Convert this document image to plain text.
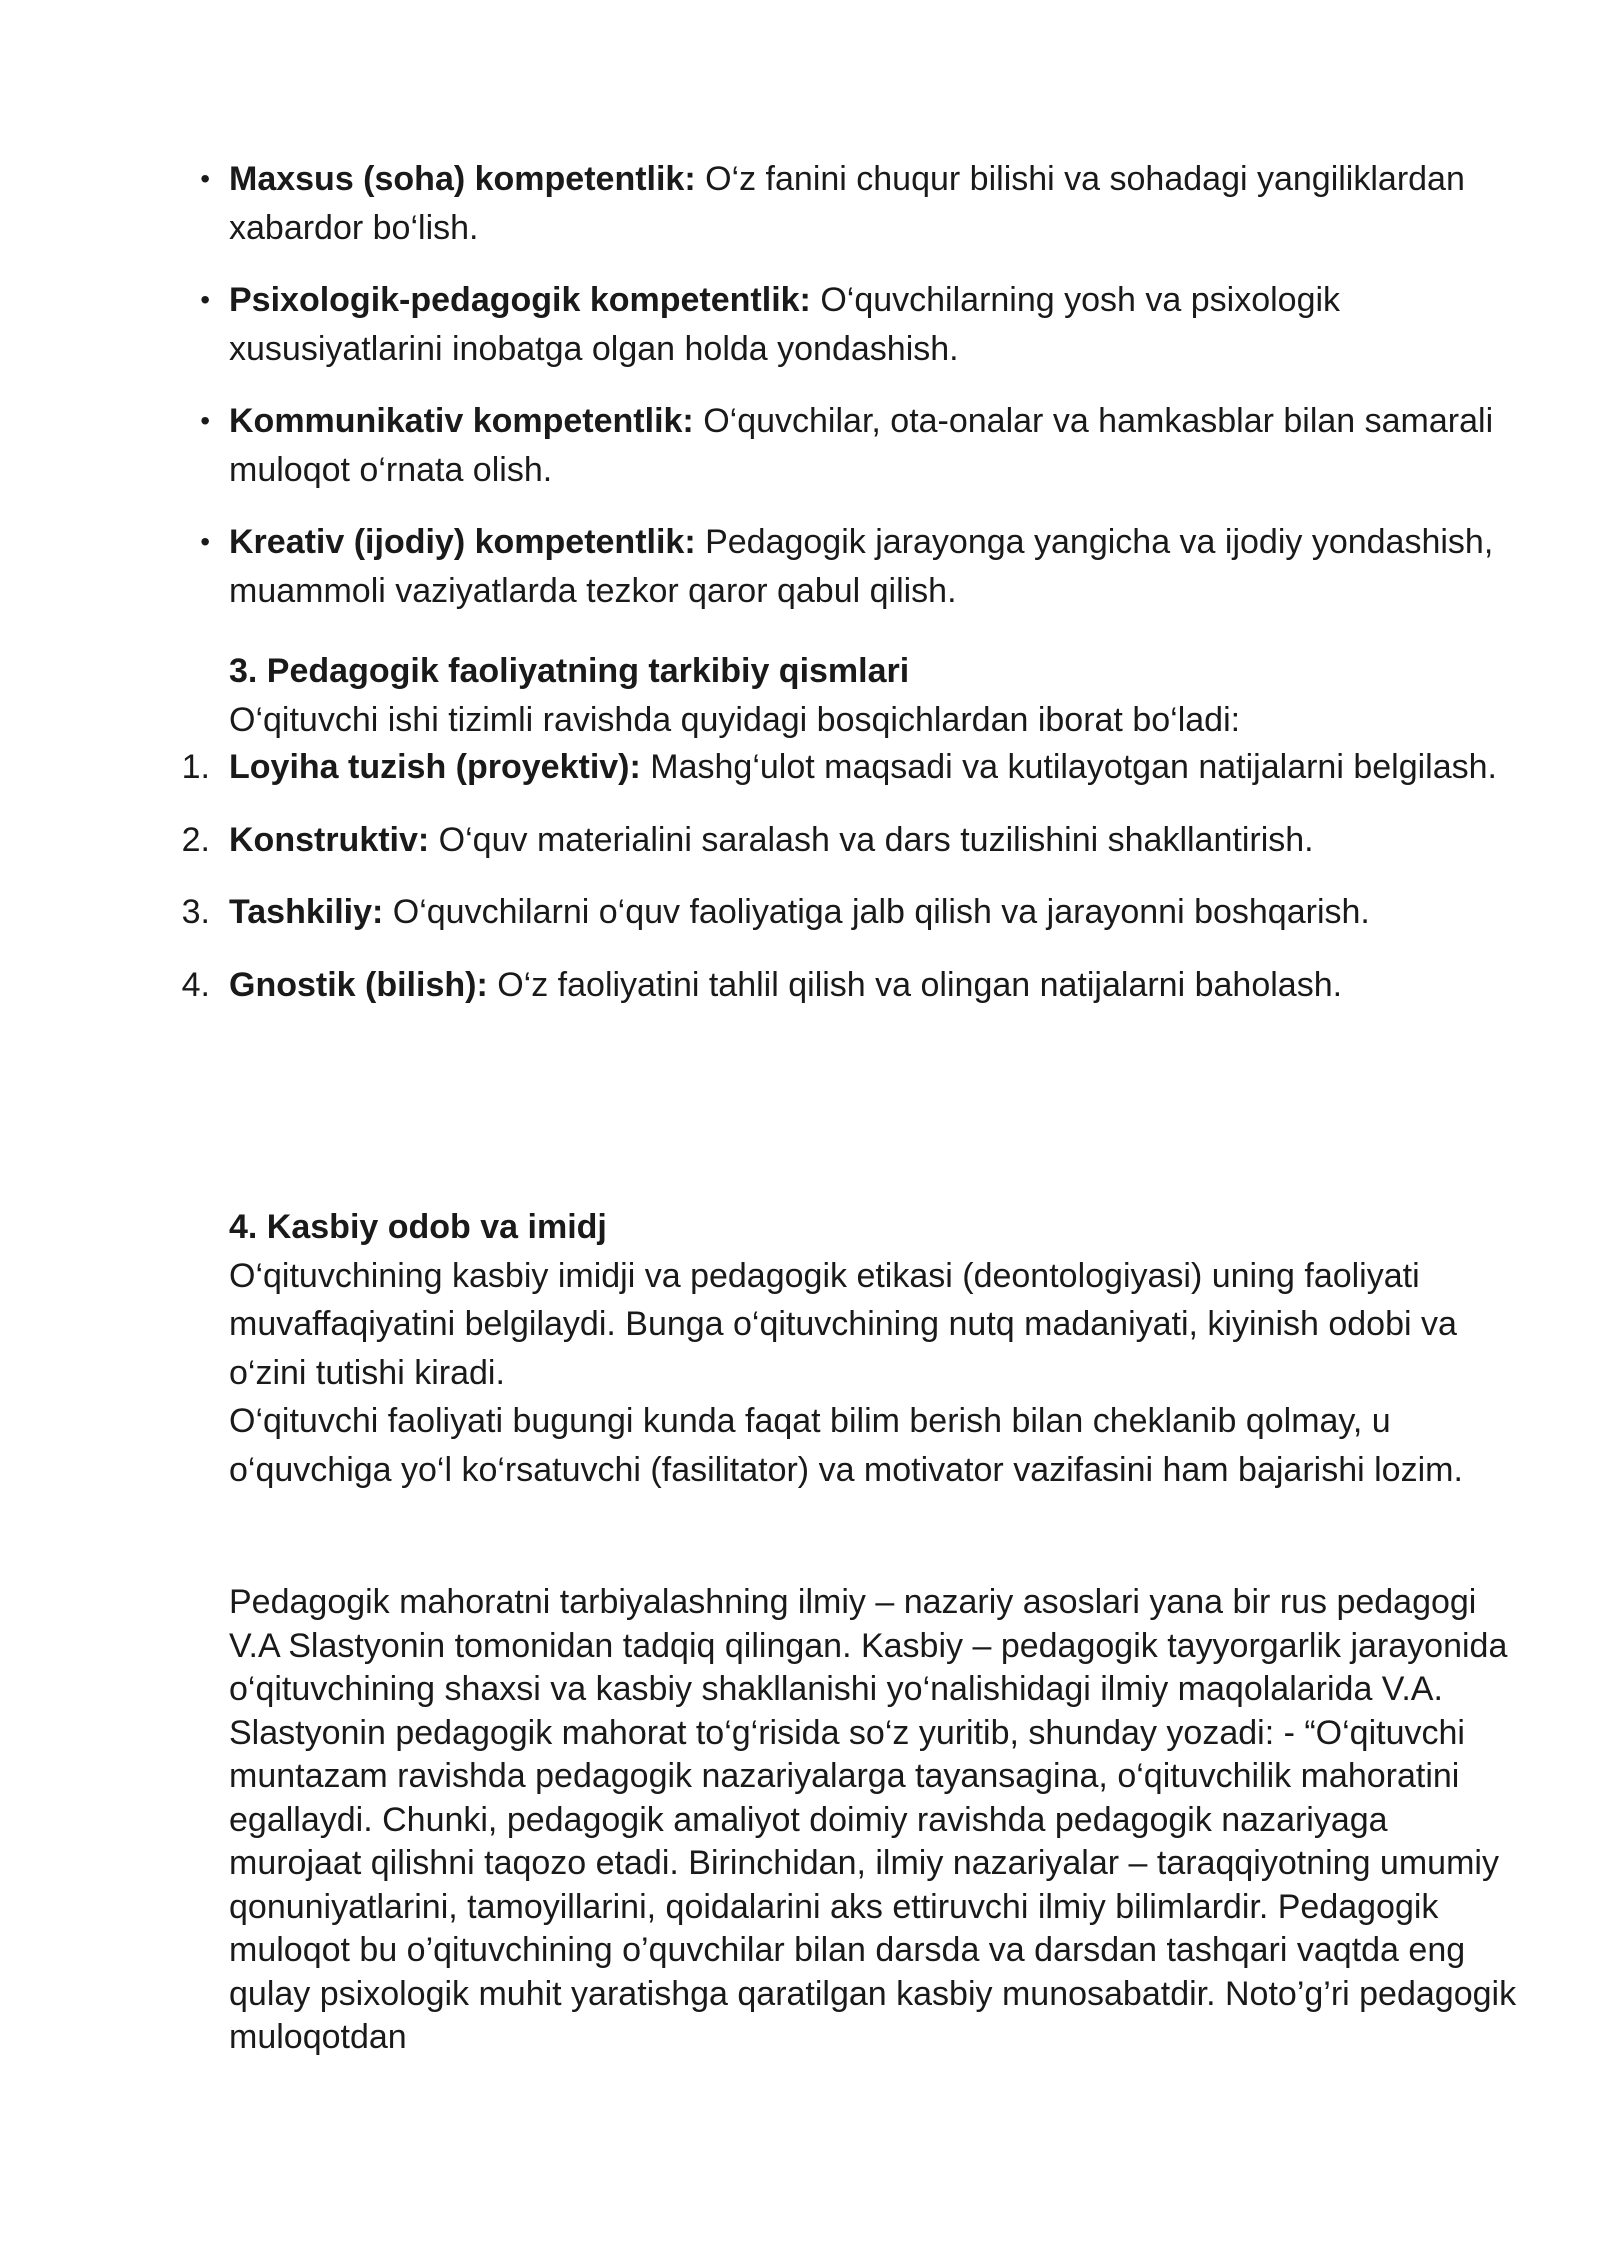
• Maxsus (soha) kompetentlik: O‘z fanini chuqur bilishi va sohadagi yangiliklardan xabardor bo‘lish.
• Psixologik-pedagogik kompetentlik: O‘quvchilarning yosh va psixologik xususiyatlarini inobatga olgan holda yondashish.
• Kommunikativ kompetentlik: O‘quvchilar, ota-onalar va hamkasblar bilan samarali muloqot o‘rnata olish.
• Kreativ (ijodiy) kompetentlik: Pedagogik jarayonga yangicha va ijodiy yondashish, muammoli vaziyatlarda tezkor qaror qabul qilish.
3. Pedagogik faoliyatning tarkibiy qismlari
O‘qituvchi ishi tizimli ravishda quyidagi bosqichlardan iborat bo‘ladi:
1. Loyiha tuzish (proyektiv): Mashg‘ulot maqsadi va kutilayotgan natijalarni belgilash.
2. Konstruktiv: O‘quv materialini saralash va dars tuzilishini shakllantirish.
3. Tashkiliy: O‘quvchilarni o‘quv faoliyatiga jalb qilish va jarayonni boshqarish.
4. Gnostik (bilish): O‘z faoliyatini tahlil qilish va olingan natijalarni baholash.
4. Kasbiy odob va imidj
O‘qituvchining kasbiy imidji va pedagogik etikasi (deontologiyasi) uning faoliyati muvaffaqiyatini belgilaydi. Bunga o‘qituvchining nutq madaniyati, kiyinish odobi va o‘zini tutishi kiradi.
O‘qituvchi faoliyati bugungi kunda faqat bilim berish bilan cheklanib qolmay, u o‘quvchiga yo‘l ko‘rsatuvchi (fasilitator) va motivator vazifasini ham bajarishi lozim.
Pedagogik mahoratni tarbiyalashning ilmiy – nazariy asoslari yana bir rus pedagogi V.A Slastyonin tomonidan tadqiq qilingan. Kasbiy – pedagogik tayyorgarlik jarayonida o‘qituvchining shaxsi va kasbiy shakllanishi yo‘nalishidagi ilmiy maqolalarida V.A. Slastyonin pedagogik mahorat to‘g‘risida so‘z yuritib, shunday yozadi: - “O‘qituvchi muntazam ravishda pedagogik nazariyalarga tayansagina, o‘qituvchilik mahoratini egallaydi. Chunki, pedagogik amaliyot doimiy ravishda pedagogik nazariyaga murojaat qilishni taqozo etadi. Birinchidan, ilmiy nazariyalar – taraqqiyotning umumiy qonuniyatlarini, tamoyillarini, qoidalarini aks ettiruvchi ilmiy bilimlardir. Pedagogik muloqot bu o’qituvchining o’quvchilar bilan darsda va darsdan tashqari vaqtda eng qulay psixologik muhit yaratishga qaratilgan kasbiy munosabatdir. Noto’g’ri pedagogik muloqotdan
